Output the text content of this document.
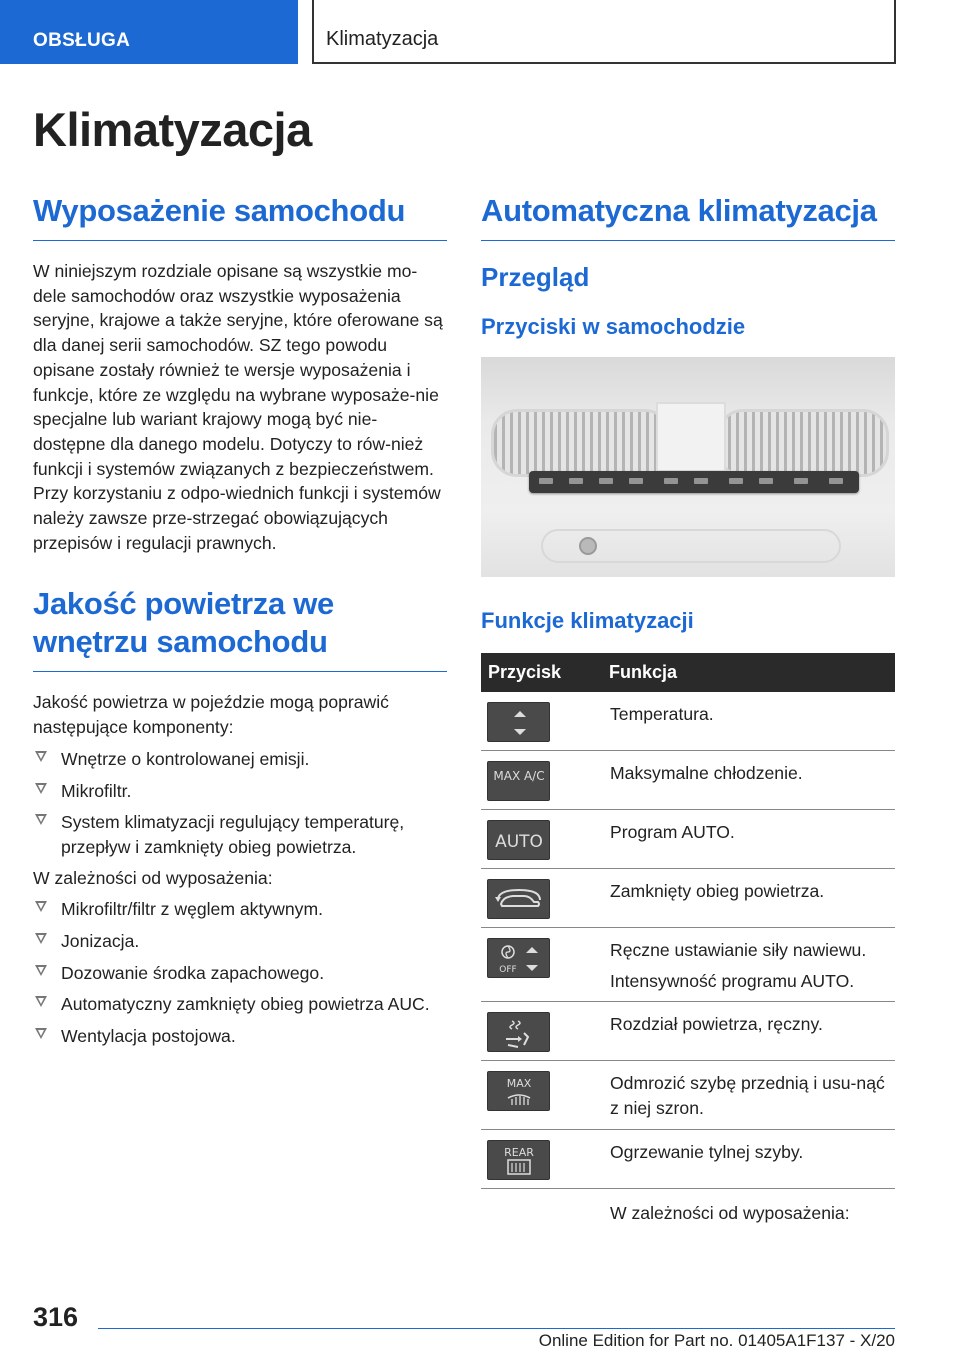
OBSŁUGA	Klimatyzacja
Klimatyzacja
Wyposażenie samochodu

W niniejszym rozdziale opisane są wszystkie mo-dele samochodów oraz wszystkie wyposażenia seryjne, krajowe a także seryjne, które oferowane są dla danej serii samochodów. SZ tego powodu opisane zostały również te wersje wyposażenia i funkcje, które ze względu na wybrane wyposaże-nie specjalne lub wariant krajowy mogą być nie-dostępne dla danego modelu. Dotyczy to rów-nież funkcji i systemów związanych z bezpieczeństwem. Przy korzystaniu z odpo-wiednich funkcji i systemów należy zawsze prze-strzegać obowiązujących przepisów i regulacji prawnych.

Jakość powietrza we wnętrzu samochodu

Jakość powietrza w pojeździe mogą poprawić następujące komponenty:

Wnętrze o kontrolowanej emisji.
Mikrofiltr.
System klimatyzacji regulujący temperaturę, przepływ i zamknięty obieg powietrza.

W zależności od wyposażenia:

Mikrofiltr/filtr z węglem aktywnym.
Jonizacja.
Dozowanie środka zapachowego.
Automatyczny zamknięty obieg powietrza AUC.
Wentylacja postojowa.
Automatyczna klimatyzacja
Przegląd
Przyciski w samochodzie
Funkcje klimatyzacji
Przycisk	Funkcja

	Temperatura.

MAX A/C	Maksymalne chłodzenie.

AUTO	Program AUTO.

	Zamknięty obieg powietrza.

OFF	Ręczne ustawianie siły nawiewu.
Intensywność programu AUTO.

	Rozdział powietrza, ręczny.

MAX	Odmrozić szybę przednią i usu-nąć z niej szron.

REAR	Ogrzewanie tylnej szyby.
	W zależności od wyposażenia:
316
Online Edition for Part no. 01405A1F137 - X/20
